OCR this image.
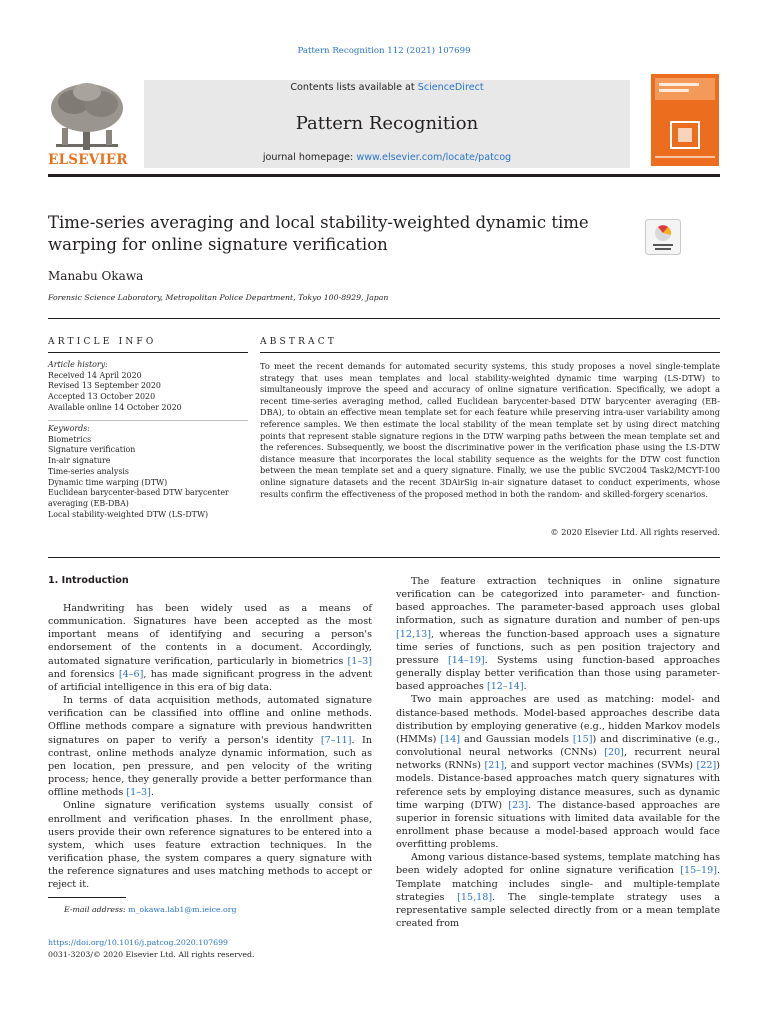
Pattern Recognition 112 (2021) 107699
ELSEVIER
Contents lists available at ScienceDirect
Pattern Recognition
journal homepage: www.elsevier.com/locate/patcog
Time-series averaging and local stability-weighted dynamic time
warping for online signature verification
Manabu Okawa
Forensic Science Laboratory, Metropolitan Police Department, Tokyo 100-8929, Japan
ARTICLE INFO
Article history:
Received 14 April 2020
Revised 13 September 2020
Accepted 13 October 2020
Available online 14 October 2020
Keywords:
Biometrics
Signature verification
In-air signature
Time-series analysis
Dynamic time warping (DTW)
Euclidean barycenter-based DTW barycenter
averaging (EB-DBA)
Local stability-weighted DTW (LS-DTW)
ABSTRACT
To meet the recent demands for automated security systems, this study proposes a novel single-template strategy that uses mean templates and local stability-weighted dynamic time warping (LS-DTW) to simultaneously improve the speed and accuracy of online signature verification. Specifically, we adopt a recent time-series averaging method, called Euclidean barycenter-based DTW barycenter averaging (EB-DBA), to obtain an effective mean template set for each feature while preserving intra-user variability among reference samples. We then estimate the local stability of the mean template set by using direct matching points that represent stable signature regions in the DTW warping paths between the mean template set and the references. Subsequently, we boost the discriminative power in the verification phase using the LS-DTW distance measure that incorporates the local stability sequence as the weights for the DTW cost function between the mean template set and a query signature. Finally, we use the public SVC2004 Task2/MCYT-100 online signature datasets and the recent 3DAirSig in-air signature dataset to conduct experiments, whose results confirm the effectiveness of the proposed method in both the random- and skilled-forgery scenarios.
© 2020 Elsevier Ltd. All rights reserved.
1. Introduction

Handwriting has been widely used as a means of communication. Signatures have been accepted as the most important means of identifying and securing a person's endorsement of the contents in a document. Accordingly, automated signature verification, particularly in biometrics [1–3] and forensics [4–6], has made significant progress in the advent of artificial intelligence in this era of big data.

In terms of data acquisition methods, automated signature verification can be classified into offline and online methods. Offline methods compare a signature with previous handwritten signatures on paper to verify a person's identity [7–11]. In contrast, online methods analyze dynamic information, such as pen location, pen pressure, and pen velocity of the writing process; hence, they generally provide a better performance than offline methods [1–3].

Online signature verification systems usually consist of enrollment and verification phases. In the enrollment phase, users provide their own reference signatures to be entered into a system, which uses feature extraction techniques. In the verification phase, the system compares a query signature with the reference signatures and uses matching methods to accept or reject it.

The feature extraction techniques in online signature verification can be categorized into parameter- and function-based approaches. The parameter-based approach uses global information, such as signature duration and number of pen-ups [12,13], whereas the function-based approach uses a signature time series of functions, such as pen position trajectory and pressure [14–19]. Systems using function-based approaches generally display better verification than those using parameter-based approaches [12–14].

Two main approaches are used as matching: model- and distance-based methods. Model-based approaches describe data distribution by employing generative (e.g., hidden Markov models (HMMs) [14] and Gaussian models [15]) and discriminative (e.g., convolutional neural networks (CNNs) [20], recurrent neural networks (RNNs) [21], and support vector machines (SVMs) [22]) models. Distance-based approaches match query signatures with reference sets by employing distance measures, such as dynamic time warping (DTW) [23]. The distance-based approaches are superior in forensic situations with limited data available for the enrollment phase because a model-based approach would face overfitting problems.

Among various distance-based systems, template matching has been widely adopted for online signature verification [15–19]. Template matching includes single- and multiple-template strategies [15,18]. The single-template strategy uses a representative sample selected directly from or a mean template created from

E-mail address: m_okawa.lab1@m.ieice.org
https://doi.org/10.1016/j.patcog.2020.107699
0031-3203/© 2020 Elsevier Ltd. All rights reserved.
